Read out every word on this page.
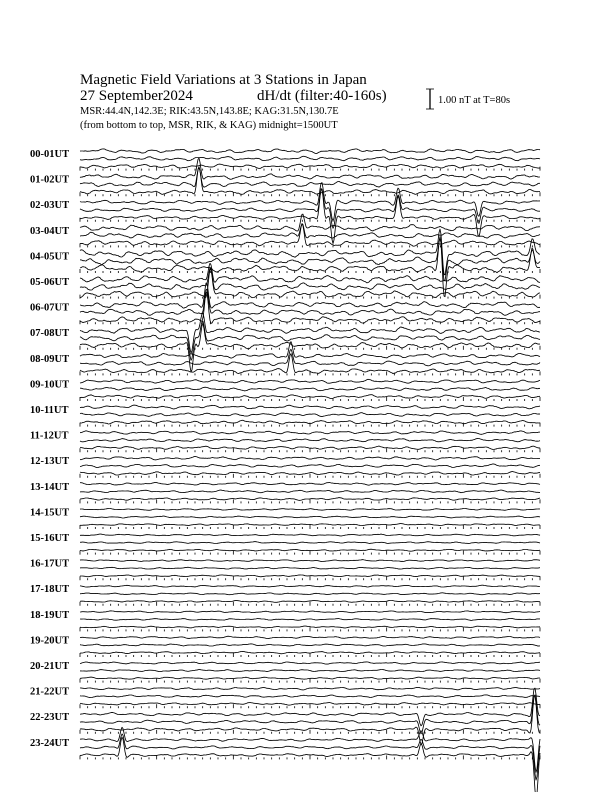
Magnetic Field Variations at 3 Stations in Japan
27 September2024	dH/dt (filter:40-160s)
MSR:44.4N,142.3E; RIK:43.5N,143.8E; KAG:31.5N,130.7E
(from bottom to top, MSR, RIK, & KAG) midnight=1500UT
1.00 nT at T=80s
00-01UT
01-02UT
02-03UT
03-04UT
04-05UT
05-06UT
06-07UT
07-08UT
08-09UT
09-10UT
10-11UT
11-12UT
12-13UT
13-14UT
14-15UT
15-16UT
16-17UT
17-18UT
18-19UT
19-20UT
20-21UT
21-22UT
22-23UT
23-24UT
